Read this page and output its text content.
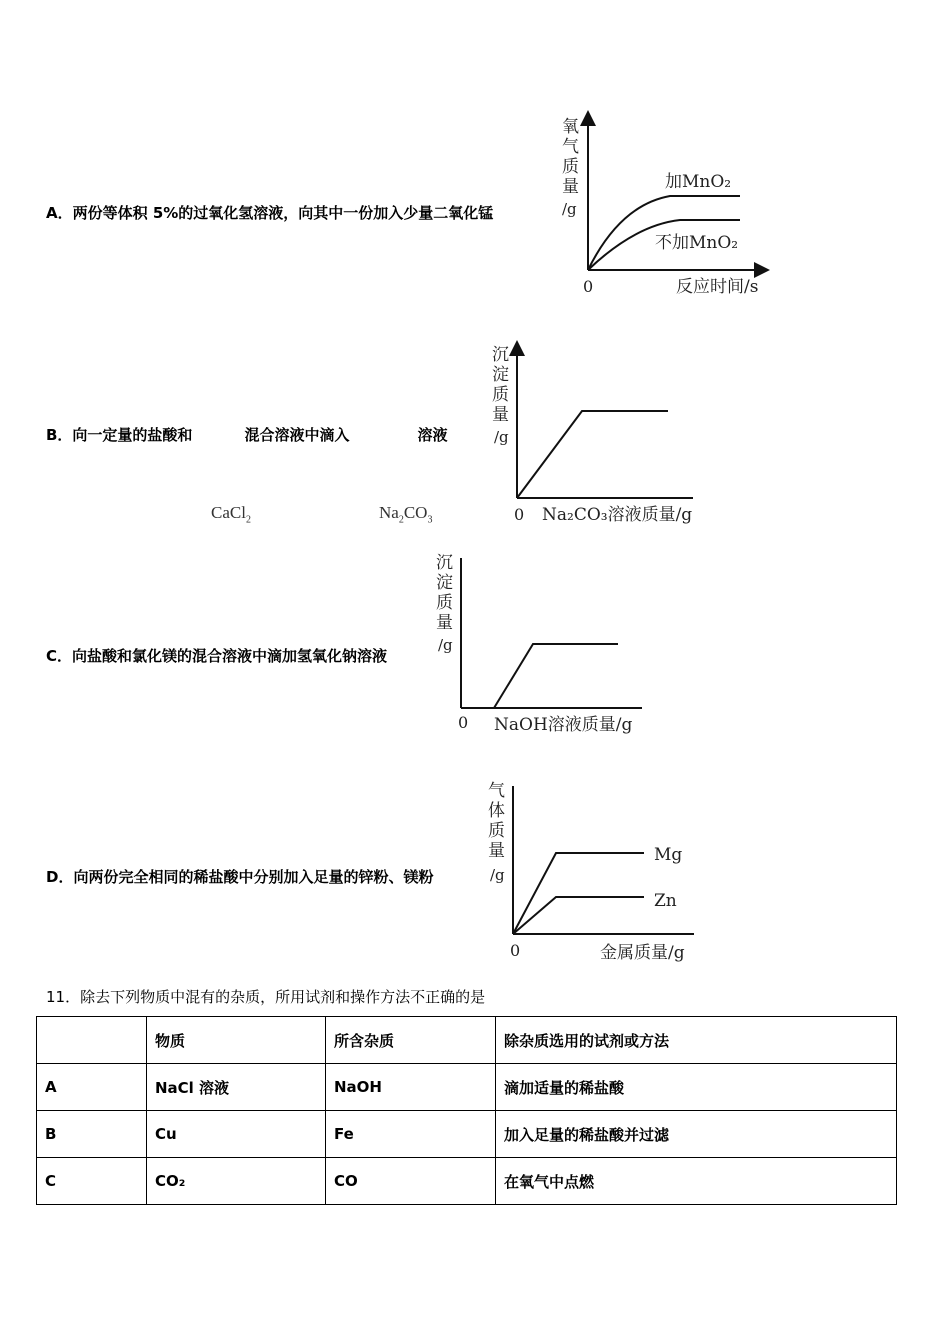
A．两份等体积 5%的过氧化氢溶液，向其中一份加入少量二氧化锰
氧
气
质
量
/g
0	反应时间/s
加MnO₂
不加MnO₂
B．向一定量的盐酸和	混合溶液中滴入	溶液
CaCl$_2$	$Na_2CO_3$
沉
淀
质
量
/g
0 Na₂CO₃溶液质量/g
C．向盐酸和氯化镁的混合溶液中滴加氢氧化钠溶液
沉
淀
质
量
/g
0 NaOH溶液质量/g
D．向两份完全相同的稀盐酸中分别加入足量的锌粉、镁粉
气
体
质
量
/g
0	金属质量/g
Mg
Zn
11．除去下列物质中混有的杂质，所用试剂和操作方法不正确的是
	物质	所含杂质	除杂质选用的试剂或方法
A	NaCl 溶液	NaOH	滴加适量的稀盐酸
B	Cu	Fe	加入足量的稀盐酸并过滤
C	CO₂	CO	在氧气中点燃
